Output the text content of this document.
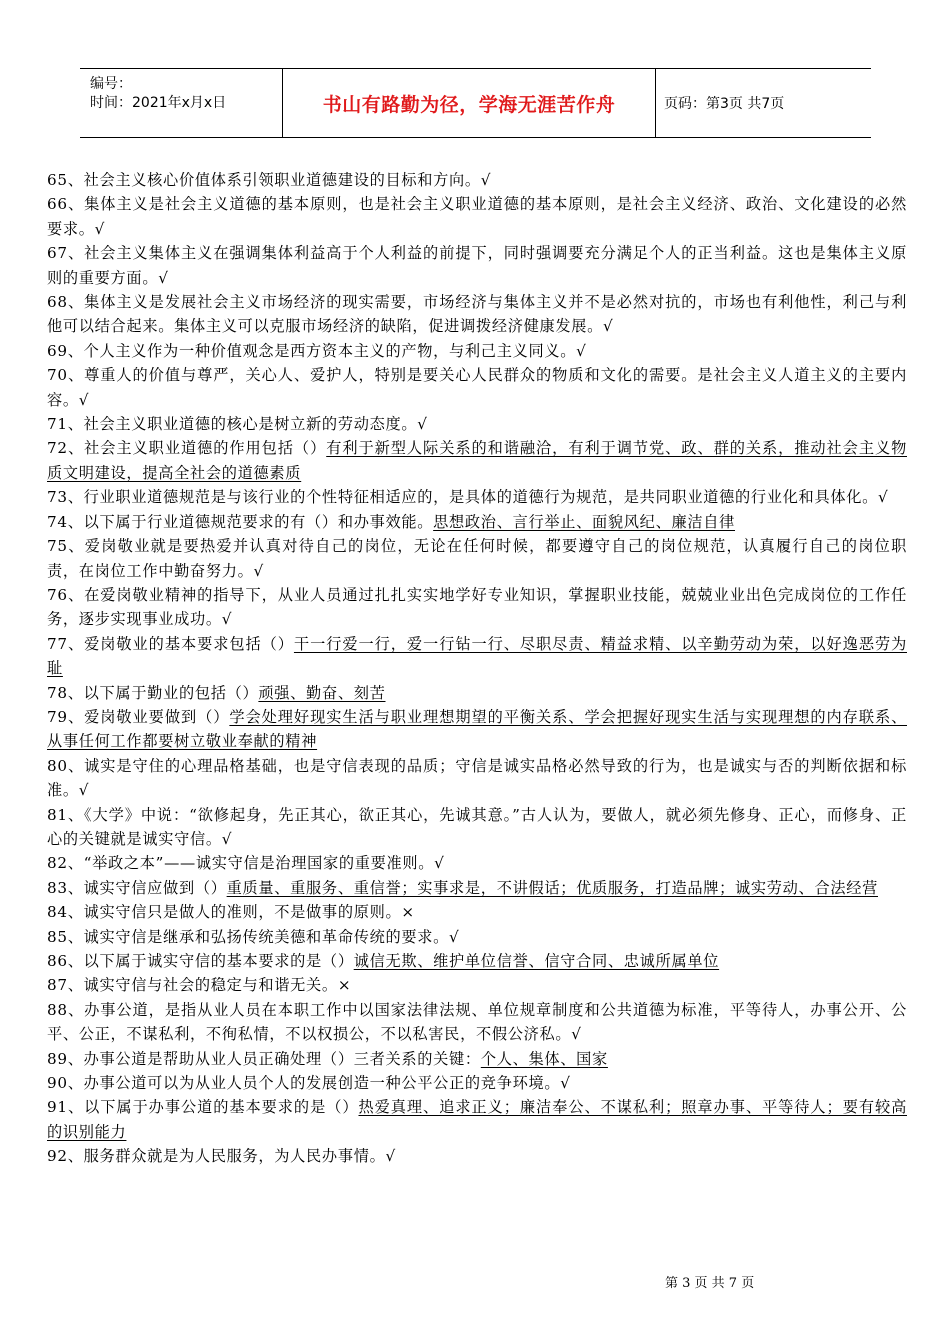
编号：
时间：2021年x月x日	书山有路勤为径，学海无涯苦作舟	页码：第3页 共7页

65、社会主义核心价值体系引领职业道德建设的目标和方向。√

66、集体主义是社会主义道德的基本原则，也是社会主义职业道德的基本原则，是社会主义经济、政治、文化建设的必然要求。√

67、社会主义集体主义在强调集体利益高于个人利益的前提下，同时强调要充分满足个人的正当利益。这也是集体主义原则的重要方面。√

68、集体主义是发展社会主义市场经济的现实需要，市场经济与集体主义并不是必然对抗的，市场也有利他性，利己与利他可以结合起来。集体主义可以克服市场经济的缺陷，促进调拨经济健康发展。√

69、个人主义作为一种价值观念是西方资本主义的产物，与利己主义同义。√

70、尊重人的价值与尊严，关心人、爱护人，特别是要关心人民群众的物质和文化的需要。是社会主义人道主义的主要内容。√

71、社会主义职业道德的核心是树立新的劳动态度。√

72、社会主义职业道德的作用包括（）有利于新型人际关系的和谐融洽，有利于调节党、政、群的关系，推动社会主义物质文明建设，提高全社会的道德素质

73、行业职业道德规范是与该行业的个性特征相适应的，是具体的道德行为规范，是共同职业道德的行业化和具体化。√

74、以下属于行业道德规范要求的有（）和办事效能。思想政治、言行举止、面貌风纪、廉洁自律

75、爱岗敬业就是要热爱并认真对待自己的岗位，无论在任何时候，都要遵守自己的岗位规范，认真履行自己的岗位职责，在岗位工作中勤奋努力。√

76、在爱岗敬业精神的指导下，从业人员通过扎扎实实地学好专业知识，掌握职业技能，兢兢业业出色完成岗位的工作任务，逐步实现事业成功。√

77、爱岗敬业的基本要求包括（）干一行爱一行，爱一行钻一行、尽职尽责、精益求精、以辛勤劳动为荣，以好逸恶劳为耻

78、以下属于勤业的包括（）顽强、勤奋、刻苦

79、爱岗敬业要做到（）学会处理好现实生活与职业理想期望的平衡关系、学会把握好现实生活与实现理想的内存联系、从事任何工作都要树立敬业奉献的精神

80、诚实是守住的心理品格基础，也是守信表现的品质；守信是诚实品格必然导致的行为，也是诚实与否的判断依据和标准。√

81、《大学》中说：“欲修起身，先正其心，欲正其心，先诚其意。”古人认为，要做人，就必须先修身、正心，而修身、正心的关键就是诚实守信。√

82、“举政之本”——诚实守信是治理国家的重要准则。√

83、诚实守信应做到（）重质量、重服务、重信誉；实事求是，不讲假话；优质服务，打造品牌；诚实劳动、合法经营

84、诚实守信只是做人的准则，不是做事的原则。×

85、诚实守信是继承和弘扬传统美德和革命传统的要求。√

86、以下属于诚实守信的基本要求的是（）诚信无欺、维护单位信誉、信守合同、忠诚所属单位

87、诚实守信与社会的稳定与和谐无关。×

88、办事公道，是指从业人员在本职工作中以国家法律法规、单位规章制度和公共道德为标准，平等待人，办事公开、公平、公正，不谋私利，不徇私情，不以权损公，不以私害民，不假公济私。√

89、办事公道是帮助从业人员正确处理（）三者关系的关键：个人、集体、国家

90、办事公道可以为从业人员个人的发展创造一种公平公正的竞争环境。√

91、以下属于办事公道的基本要求的是（）热爱真理、追求正义；廉洁奉公、不谋私利；照章办事、平等待人；要有较高的识别能力

92、服务群众就是为人民服务，为人民办事情。√

第 3 页 共 7 页
